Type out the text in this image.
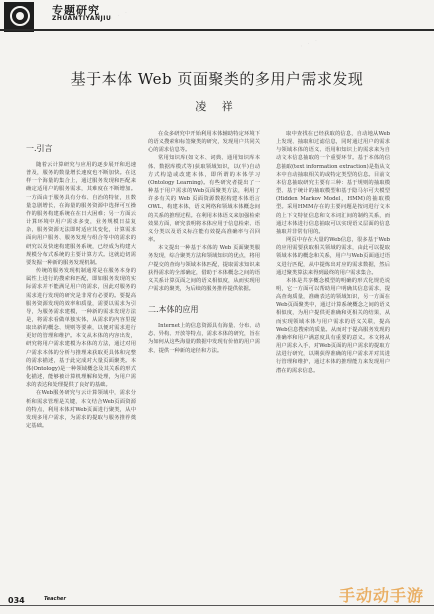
专题研究
ZHUANTIYANJIU
· · ·
· · ·
基于本体 Web 页面聚类的多用户需求发现
凌 祥
一.引言

随着云计算研究与应用的逐步展开和迅速普及，服务的数量增长速度也不断加快。在这样一个海量的集合上，通过服务发现和匹配来确定适用户的服务需求，其难度在不断增加。一方面由于服务具有分布、自治的特征，且数量急剧增长，在海量的服务资源中选择可互操作的服务构建系统在在日大困难；另一方面云计算环境中用户需求多变，业务规模日益复杂，服务资源无法即时适应其变化，计算需求面向用户服务、服务发现与组合等中的需求的研究以及快速构建服务系统，已经成为构建大规模分布式系统的主要计算方式。这就迫切需要发掘一种新的服务发现机制。

传统的服务发现机制通常是在服务本身的属性上进行的搜索和匹配，即如服务发现的实际需求并不能满足用户的需求，因此对服务的需求进行发现的研究是非常有必要的。要提高服务资源发现的效率和质量，需要以需求为引导，为服务需求建模，一种新的需求发现方法是，将需求看做单独实体，从需求的内容里提取出新的概念、规则等要素，以便对需求进行更好的管理和维护。本文从本体的内容出发，研究将用户需求建模为本体的方法，通过对用户需求本体的分析与推理来获取更具体和完整的需求描述，基于此完成对大量页面聚类。本体(Ontology)是一种领域概念及其关系的形式化描述，能够被计算机理解和处理，为用户需求的表达和处理提供了良好的基础。

在Web服务研究与云计算领域中，需求分析和需求管理是关键，本文结合Web页面资源的特点，利用本体对Web页面进行聚类，从中发现多用户需求，为需求的提取与服务推荐奠定基础。

在众多研究中开始利用本体辅助特定环境下的语义搜索和标签聚类的研究，发现用户共同关心的需求信息等。

常用知识库(如文本、词典、通用知识库本体、数据库模式等)获取领域知识，以(半)自动方式构造或改建本体，即所谓的本体学习(Ontology Learning)。有些研究者提出了一种基于用户需求的Web页面聚类方法，利用了许多有关的 Web 页面资源数据构建本体语言 OWL，构建本体，语义网络和领域本体概念间的关系的推理过程。在利用本体语义来加强检索效果方面，研究表明将本体应用于信息检索、语义分类以及语义标注能有效提高准确率与召回率。

本文提出一种基于本体的 Web 页面聚类服务发现，综合聚类方法和领域知识的优点，将用户提交的查询与领域本体匹配，提取需求知识来获得需求的全部确定，借助于本体概念之间的语义关系计算页面之间的语义相似度，从而实现用户需求的聚类，为后续的服务推荐提供依据。

二.本体的应用

Internet上的信息资源具有海量、分布、动态、异构、开放等特点，需求本体的研究，旨在为如何从这些海量的数据中发现有价值的用户需求，提供一种新的途径和方法。

取中查找在已经获取的信息，自动地从Web上发现、抽取和过滤信息，同时通过用户的需求与领域本体的语义、语用和知识上的需求来为自动文本信息抽取的一个重要环节。基于本体的信息抽取(text information extraction)是指从文本中自动抽取相关的或特定类型的信息。目前文本信息抽取研究主要有三种：基于规则的抽取模型、基于统计的抽取模型和基于隐马尔可夫模型(Hidden Markov Model，HMM)的抽取模型。采用HMM存在的主要问题是按词进行文本的上下文特征信息和文本词汇间的制约关系，而通过本体进行信息抽取可以实现语义层面的信息抽取并非常有用的。

网页中存在大量的Web信息，很多基于Web的应用需要获取相关领域的需求，由此可以提取领域本体的概念和关系，用户与Web页面通过语义进行匹配，从中提炼出对应的需求数据，然后通过聚类算法来得到最终的用户需求集合。

本体是共享概念模型的明确的形式化规范说明，它一方面可以帮助用户明确其信息需求，提高查询质量，准确表达的领域知识，另一方面在Web页面聚类中，通过计算系统概念之间的语义相似度，为用户提供更准确和更相关的结果，从而实现领域本体与用户需求的语义关联，提高Web信息搜索的质量。从而对于提高服务发现的准确率和用户满意度具有重要的意义。本文将从用户需求入手，对Web页面的用户需求的提取方法进行研究，以期获得准确的用户需求并对其进行管理和维护，通过本体的推理能力来发现用户潜在的需求信息。

034	Teacher	手动动手游
